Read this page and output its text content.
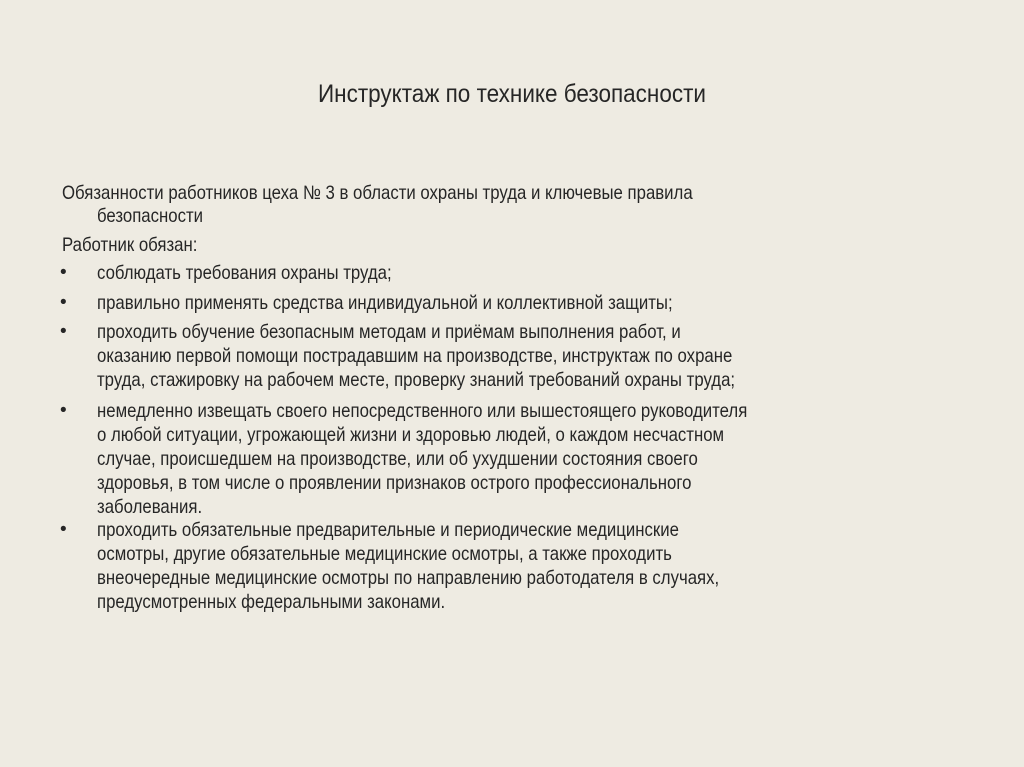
Инструктаж по технике безопасности
Обязанности работников цеха № 3 в области охраны труда и ключевые правила
безопасности
Работник обязан:
• соблюдать требования охраны труда;
• правильно применять средства индивидуальной и коллективной защиты;
• проходить обучение безопасным методам и приёмам выполнения работ, и
оказанию первой помощи пострадавшим на производстве, инструктаж по охране
труда, стажировку на рабочем месте, проверку знаний требований охраны труда;
• немедленно извещать своего непосредственного или вышестоящего руководителя
о любой ситуации, угрожающей жизни и здоровью людей, о каждом несчастном
случае, происшедшем на производстве, или об ухудшении состояния своего
здоровья, в том числе о проявлении признаков острого профессионального
заболевания.
• проходить обязательные предварительные и периодические медицинские
осмотры, другие обязательные медицинские осмотры, а также проходить
внеочередные медицинские осмотры по направлению работодателя в случаях,
предусмотренных федеральными законами.
